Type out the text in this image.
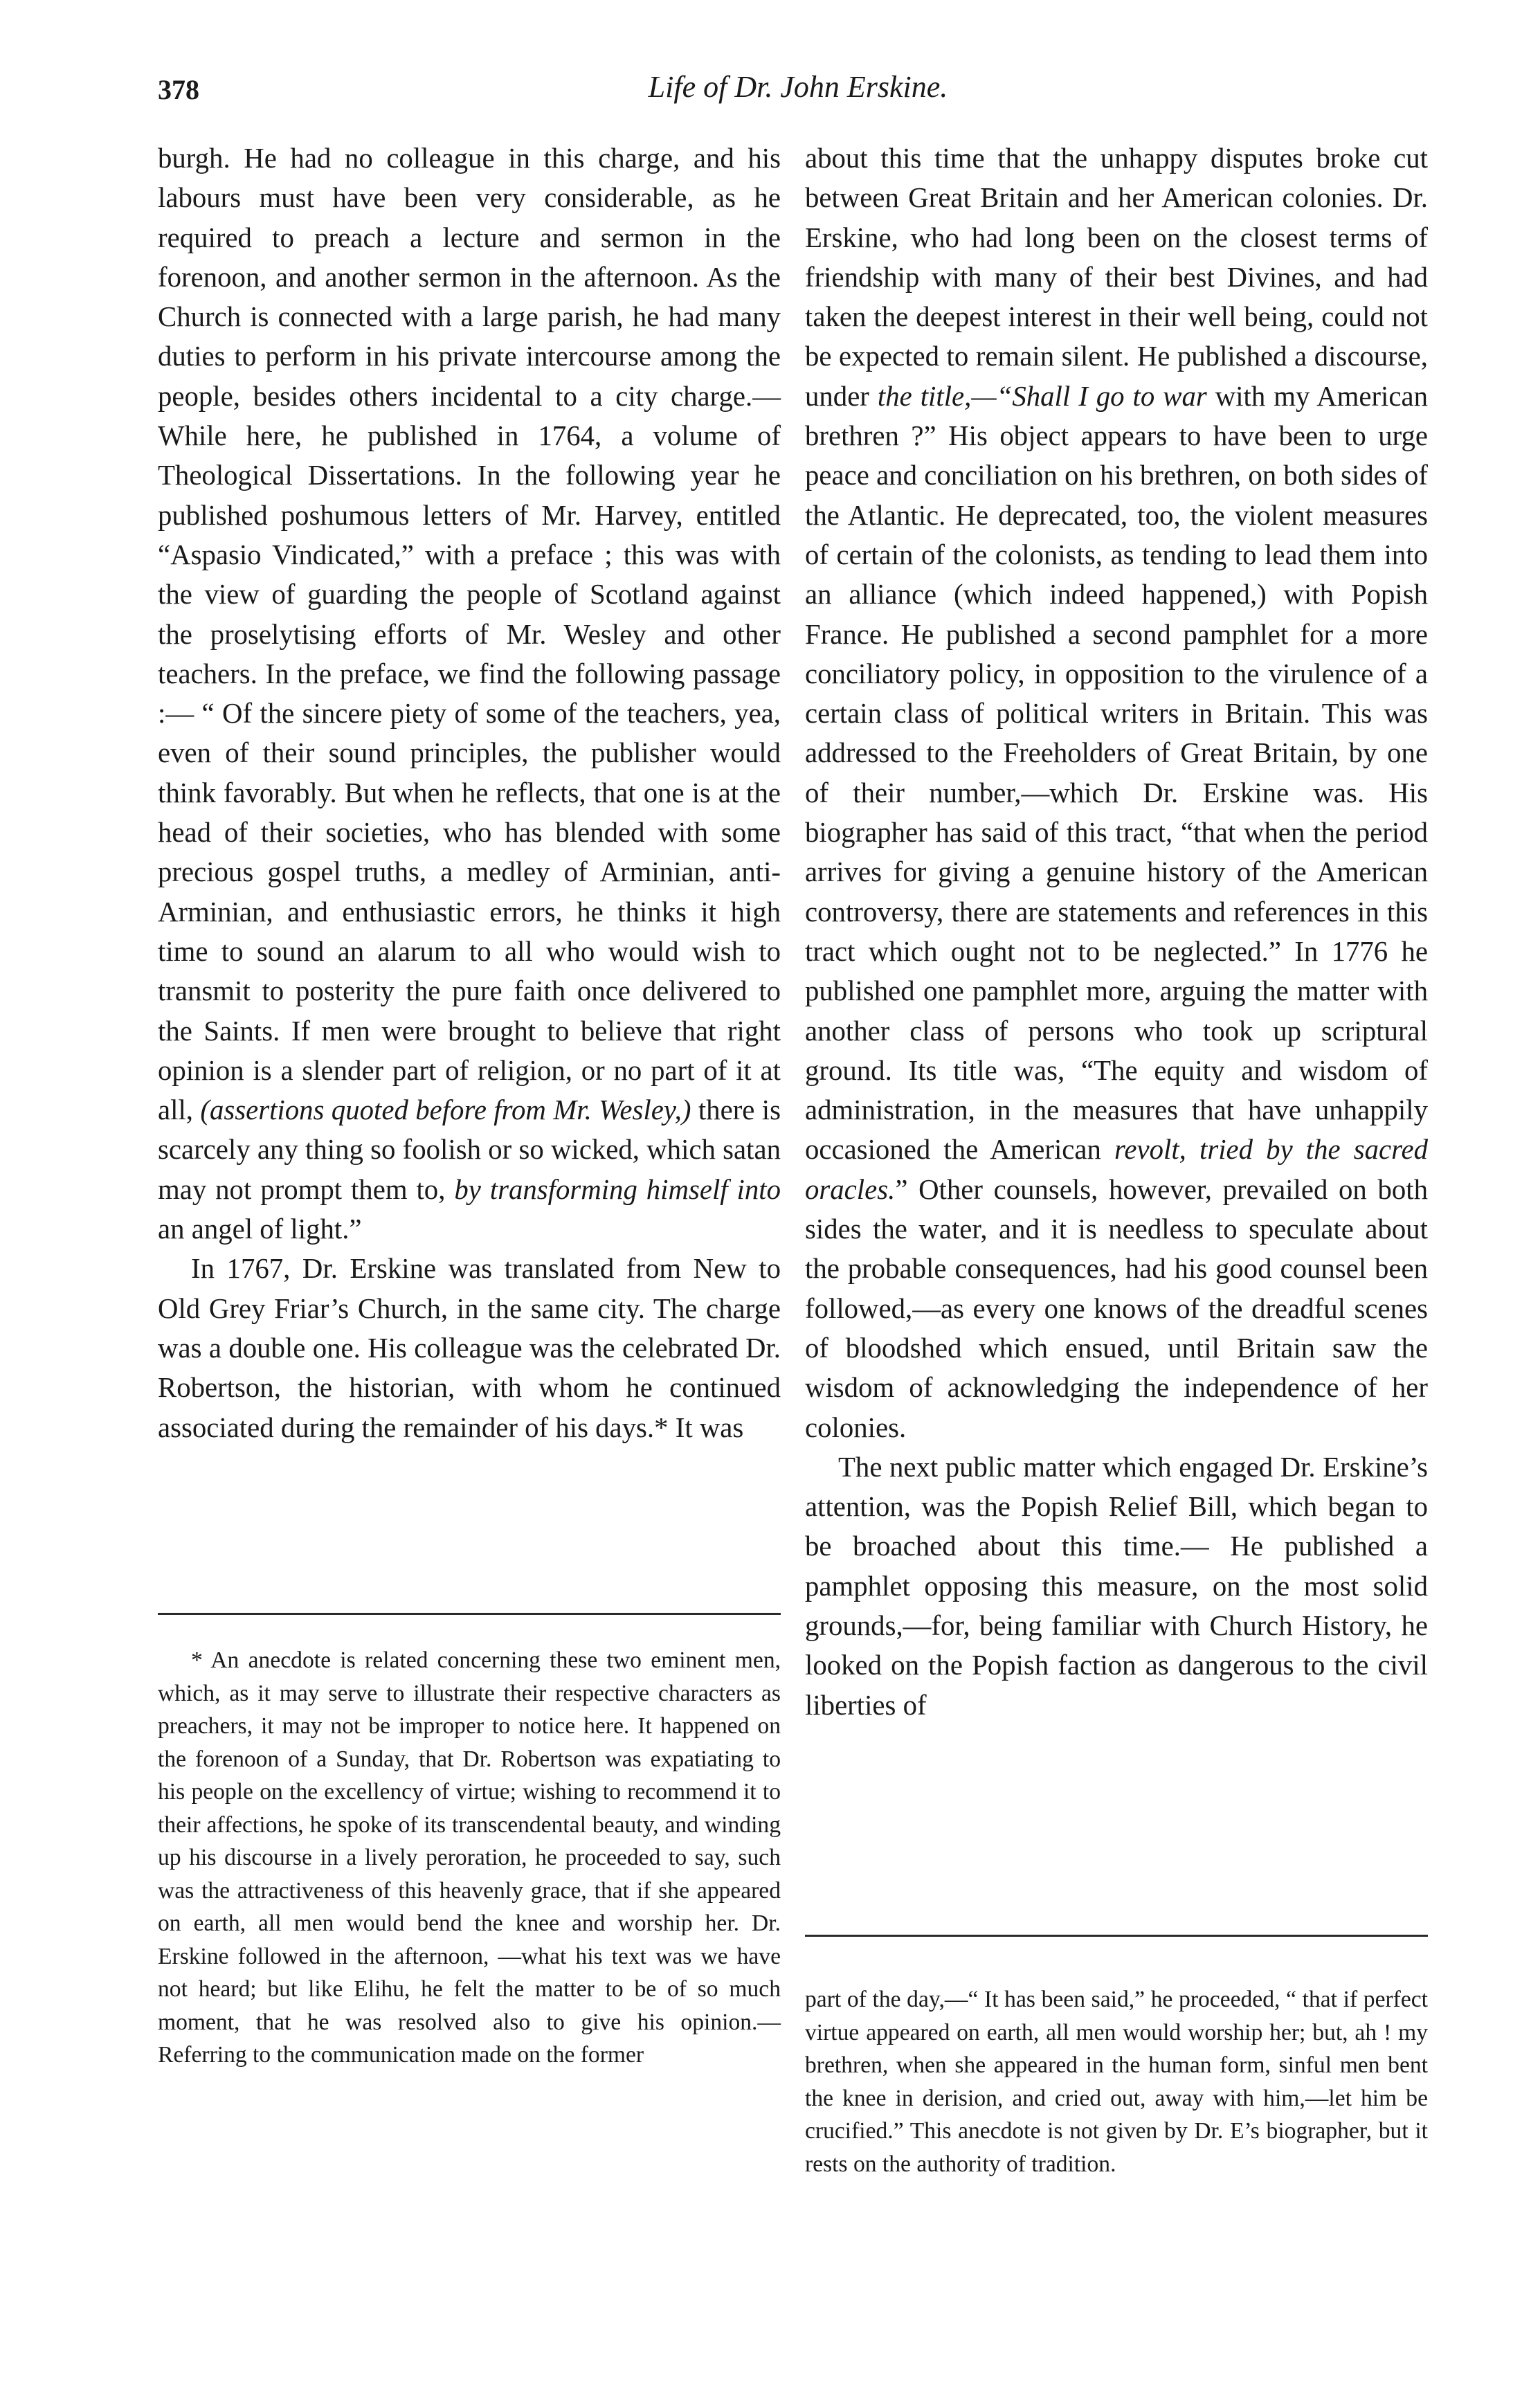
378	Life of Dr. John Erskine.

burgh. He had no colleague in this charge, and his labours must have been very considerable, as he required to preach a lecture and sermon in the forenoon, and another sermon in the afternoon. As the Church is connected with a large parish, he had many duties to perform in his private intercourse among the people, besides others incidental to a city charge.— While here, he published in 1764, a volume of Theological Dissertations. In the following year he published poshumous letters of Mr. Harvey, entitled “Aspasio Vindicated,” with a preface ; this was with the view of guarding the people of Scotland against the proselytising efforts of Mr. Wesley and other teachers. In the preface, we find the following passage :— “ Of the sincere piety of some of the teachers, yea, even of their sound principles, the publisher would think favorably. But when he reflects, that one is at the head of their societies, who has blended with some precious gospel truths, a medley of Arminian, anti-Arminian, and enthusiastic errors, he thinks it high time to sound an alarum to all who would wish to transmit to posterity the pure faith once delivered to the Saints. If men were brought to believe that right opinion is a slender part of religion, or no part of it at all, (assertions quoted before from Mr. Wesley,) there is scarcely any thing so foolish or so wicked, which satan may not prompt them to, by transforming himself into an angel of light.”

In 1767, Dr. Erskine was translated from New to Old Grey Friar’s Church, in the same city. The charge was a double one. His colleague was the celebrated Dr. Robertson, the historian, with whom he continued associated during the remainder of his days.* It was

about this time that the unhappy disputes broke cut between Great Britain and her American colonies. Dr. Erskine, who had long been on the closest terms of friendship with many of their best Divines, and had taken the deepest interest in their well being, could not be expected to remain silent. He published a discourse, under the title,—“Shall I go to war with my American brethren ?” His object appears to have been to urge peace and conciliation on his brethren, on both sides of the Atlantic. He deprecated, too, the violent measures of certain of the colonists, as tending to lead them into an alliance (which indeed happened,) with Popish France. He published a second pamphlet for a more conciliatory policy, in opposition to the virulence of a certain class of political writers in Britain. This was addressed to the Freeholders of Great Britain, by one of their number,—which Dr. Erskine was. His biographer has said of this tract, “that when the period arrives for giving a genuine history of the American controversy, there are statements and references in this tract which ought not to be neglected.” In 1776 he published one pamphlet more, arguing the matter with another class of persons who took up scriptural ground. Its title was, “The equity and wisdom of administration, in the measures that have unhappily occasioned the American revolt, tried by the sacred oracles.” Other counsels, however, prevailed on both sides the water, and it is needless to speculate about the probable consequences, had his good counsel been followed,—as every one knows of the dreadful scenes of bloodshed which ensued, until Britain saw the wisdom of acknowledging the independence of her colonies.

The next public matter which engaged Dr. Erskine’s attention, was the Popish Relief Bill, which began to be broached about this time.— He published a pamphlet opposing this measure, on the most solid grounds,—for, being familiar with Church History, he looked on the Popish faction as dangerous to the civil liberties of

* An anecdote is related concerning these two eminent men, which, as it may serve to illustrate their respective characters as preachers, it may not be improper to notice here. It happened on the forenoon of a Sunday, that Dr. Robertson was expatiating to his people on the excellency of virtue; wishing to recommend it to their affections, he spoke of its transcendental beauty, and winding up his discourse in a lively peroration, he proceeded to say, such was the attractiveness of this heavenly grace, that if she appeared on earth, all men would bend the knee and worship her. Dr. Erskine followed in the afternoon, —what his text was we have not heard; but like Elihu, he felt the matter to be of so much moment, that he was resolved also to give his opinion.— Referring to the communication made on the former

part of the day,—“ It has been said,” he proceeded, “ that if perfect virtue appeared on earth, all men would worship her; but, ah ! my brethren, when she appeared in the human form, sinful men bent the knee in derision, and cried out, away with him,—let him be crucified.” This anecdote is not given by Dr. E’s biographer, but it rests on the authority of tradition.
